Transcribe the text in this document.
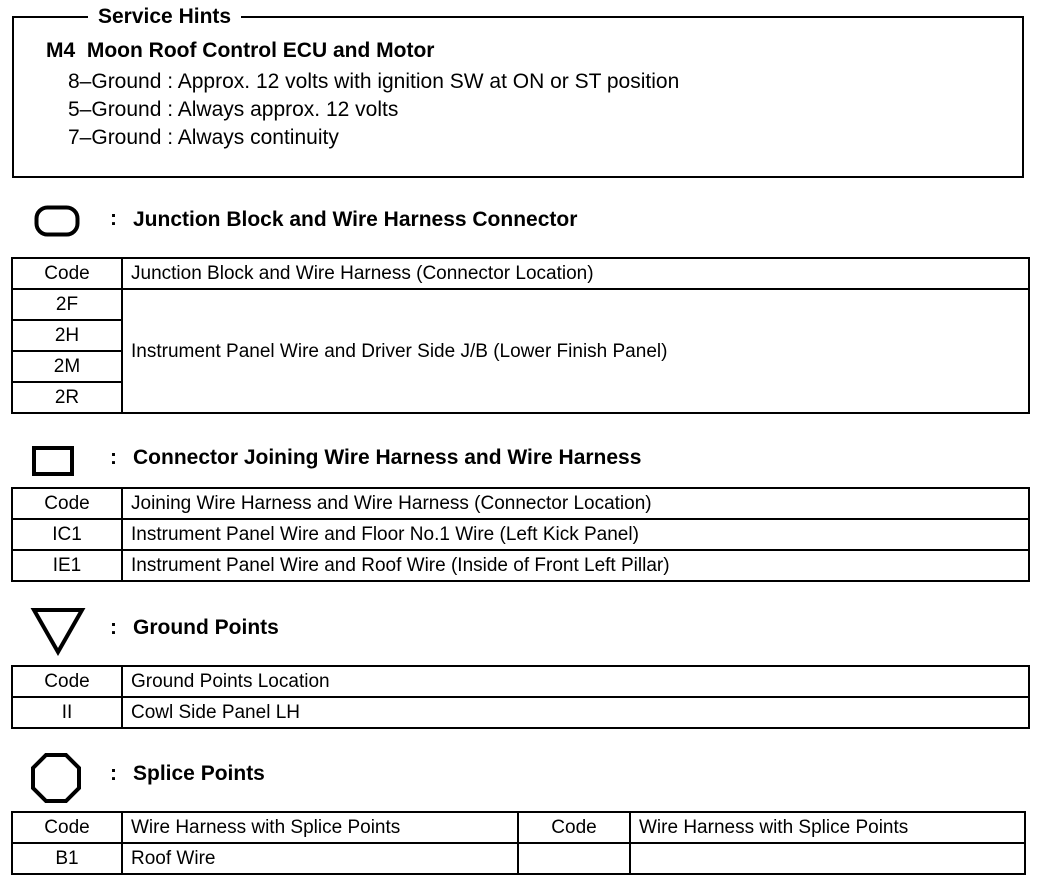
Service Hints
M4  Moon Roof Control ECU and Motor
8–Ground : Approx. 12 volts with ignition SW at ON or ST position
5–Ground : Always approx. 12 volts
7–Ground : Always continuity
: Junction Block and Wire Harness Connector
Code	Junction Block and Wire Harness (Connector Location)
2F	Instrument Panel Wire and Driver Side J/B (Lower Finish Panel)
2H	
2M	
2R	
: Connector Joining Wire Harness and Wire Harness
Code	Joining Wire Harness and Wire Harness (Connector Location)
IC1	Instrument Panel Wire and Floor No.1 Wire (Left Kick Panel)
IE1	Instrument Panel Wire and Roof Wire (Inside of Front Left Pillar)
: Ground Points
Code	Ground Points Location
II	Cowl Side Panel LH
: Splice Points
Code	Wire Harness with Splice Points	Code	Wire Harness with Splice Points
B1	Roof Wire		
